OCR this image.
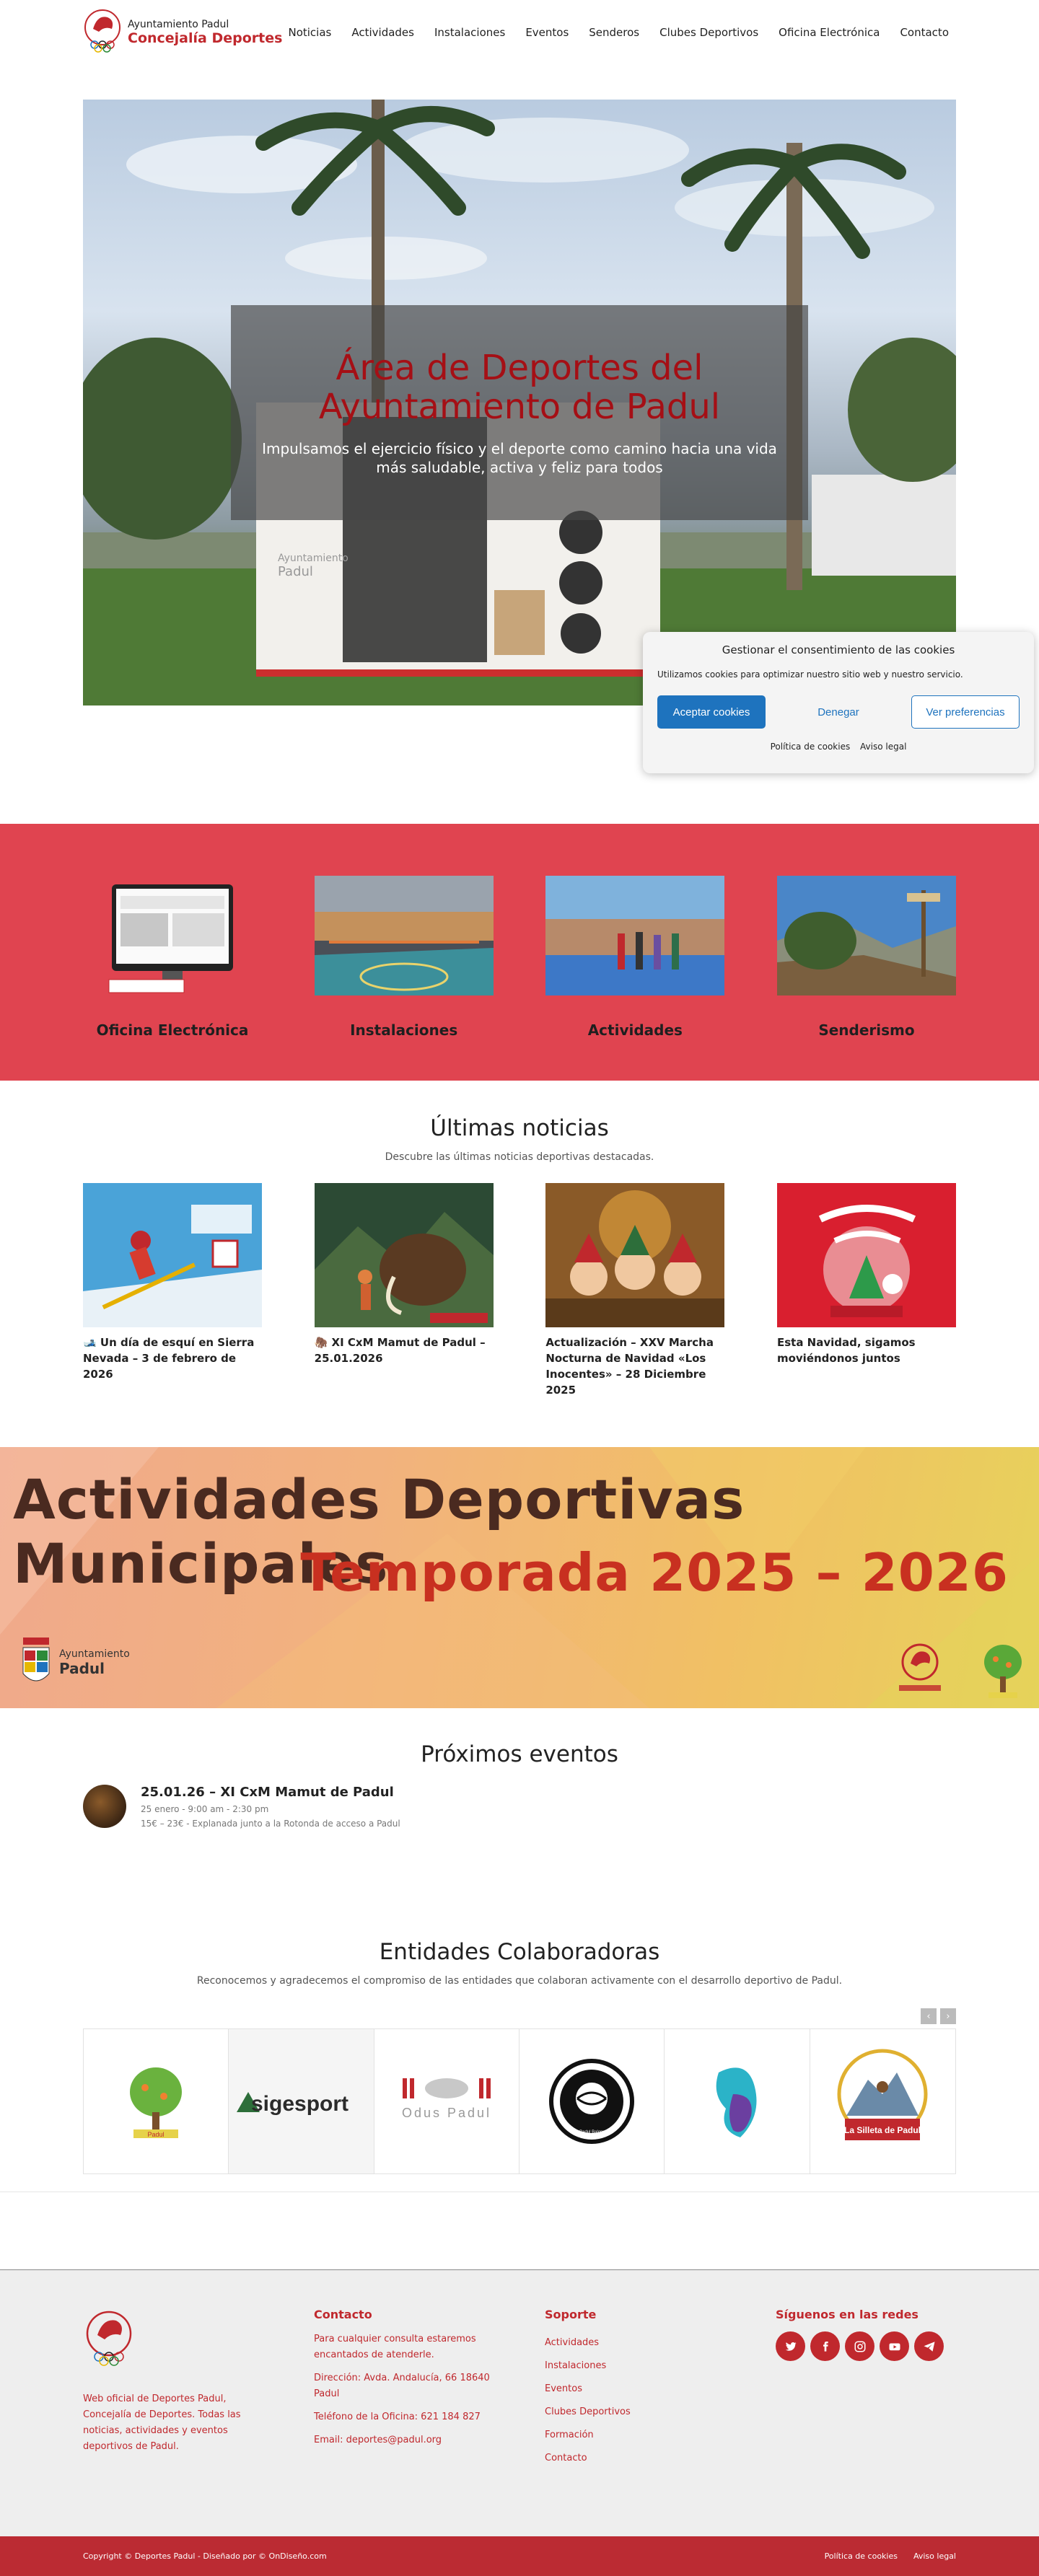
Ayuntamiento Padul
Concejalía Deportes Noticias Actividades Instalaciones Eventos Senderos Clubes Deportivos Oficina Electrónica Contacto
Ayuntamiento
Padul
Área de Deportes del Ayuntamiento de Padul

Impulsamos el ejercicio físico y el deporte como camino hacia una vida más saludable, activa y feliz para todos

Gestionar el consentimiento de las cookies
Utilizamos cookies para optimizar nuestro sitio web y nuestro servicio.
Aceptar cookies	Denegar	Ver preferencias
Política de cookies Aviso legal
Oficina Electrónica	Instalaciones	Actividades	Senderismo
Últimas noticias

Descubre las últimas noticias deportivas destacadas.

🎿 Un día de esquí en Sierra Nevada – 3 de febrero de 2026
🦣 XI CxM Mamut de Padul – 25.01.2026
Actualización – XXV Marcha Nocturna de Navidad «Los Inocentes» – 28 Diciembre 2025
Esta Navidad, sigamos moviéndonos juntos
Actividades Deportivas Municipales
Temporada 2025 – 2026
Ayuntamiento
Padul
Próximos eventos
25.01.26 – XI CxM Mamut de Padul
25 enero - 9:00 am - 2:30 pm
15€ – 23€ - Explanada junto a la Rotonda de acceso a Padul
Entidades Colaboradoras

Reconocemos y agradecemos el compromiso de las entidades que colaboran activamente con el desarrollo deportivo de Padul.

‹	›
Padul
sigesport	Odus Padul
C.D. Padul Balonmano	La Silleta de Padul

Web oficial de Deportes Padul, Concejalía de Deportes. Todas las noticias, actividades y eventos deportivos de Padul.

Contacto

Para cualquier consulta estaremos encantados de atenderle.

Dirección: Avda. Andalucía, 66 18640 Padul

Teléfono de la Oficina: 621 184 827

Email: deportes@padul.org

Soporte
Actividades
Instalaciones
Eventos
Clubes Deportivos
Formación
Contacto
Síguenos en las redes
Copyright © Deportes Padul - Diseñado por © OnDiseño.com	Política de cookies Aviso legal
